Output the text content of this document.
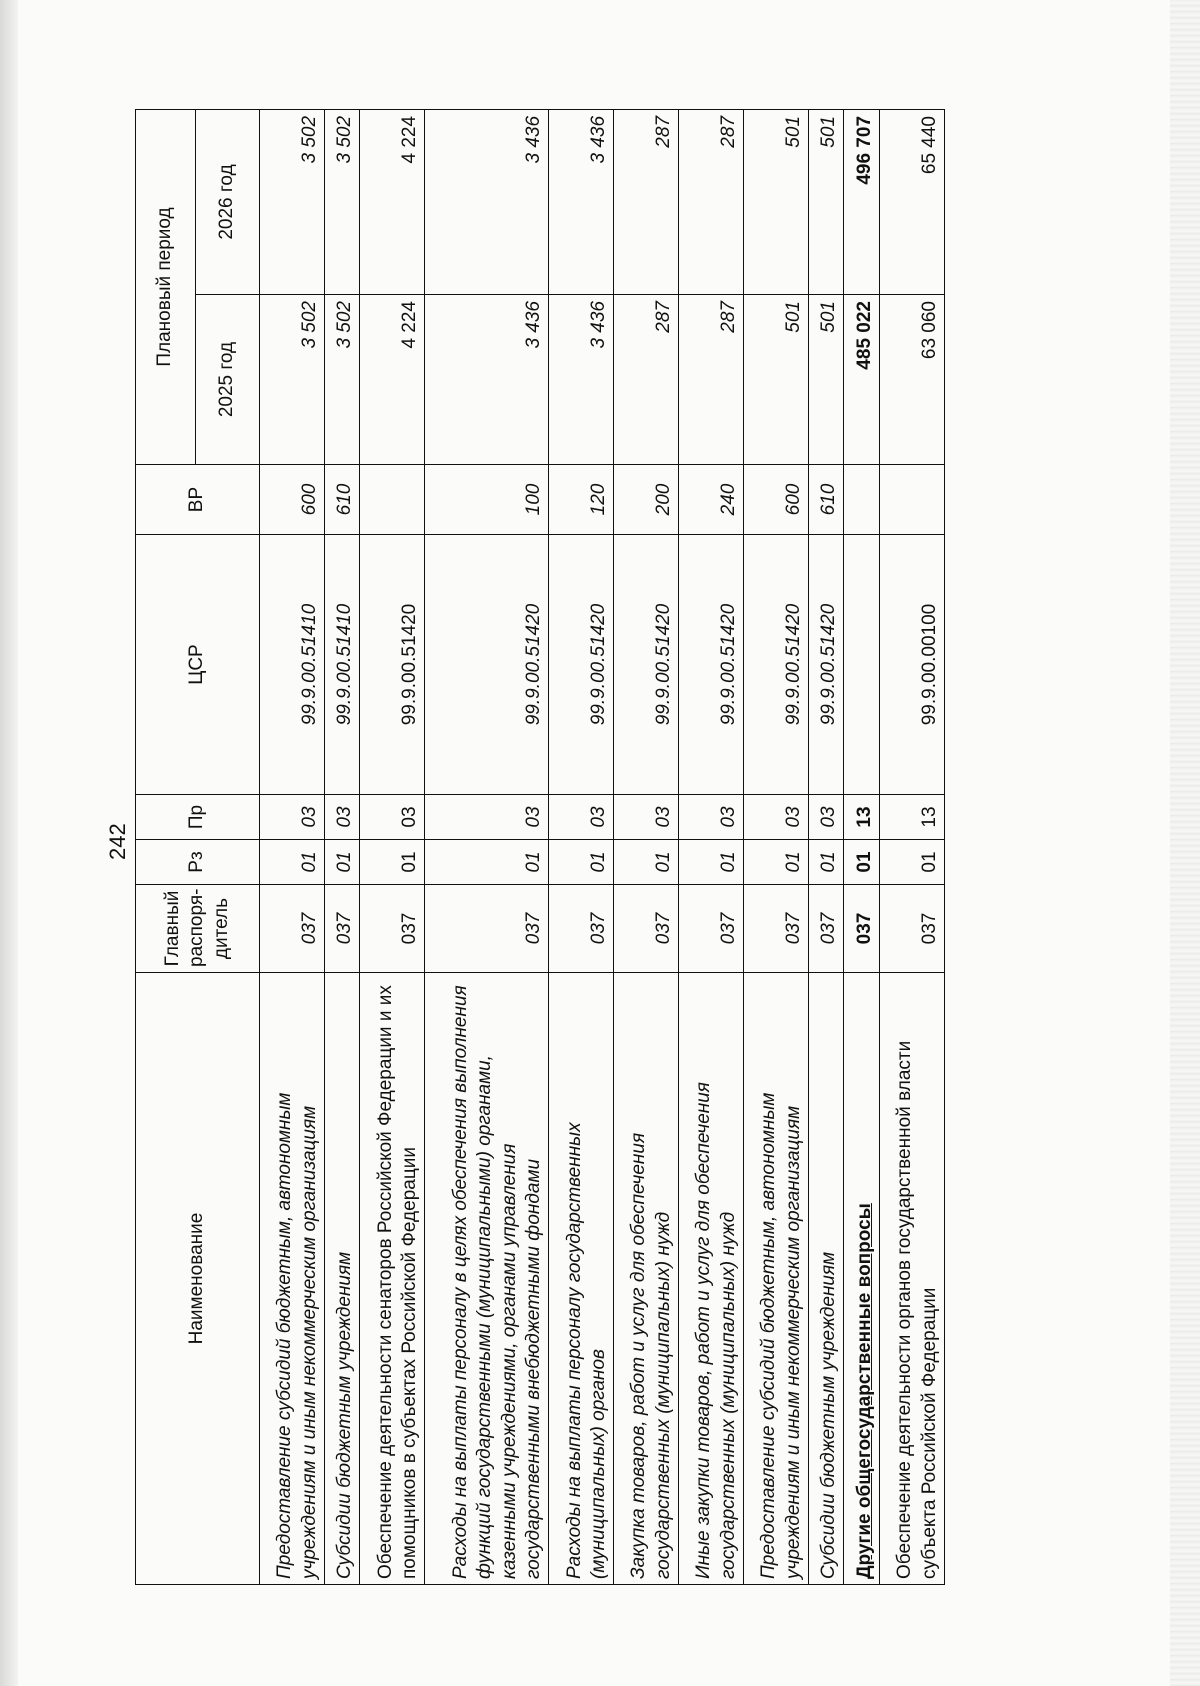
242
Наименование	Главный распоря-дитель	Рз	Пр	ЦСР	ВР	Плановый период	
						2025 год	2026 год
Предоставление субсидий бюджетным, автономным учреждениям и иным некоммерческим организациям	037	01	03	99.9.00.51410	600	3 502	3 502
Субсидии бюджетным учреждениям	037	01	03	99.9.00.51410	610	3 502	3 502
Обеспечение деятельности сенаторов Российской Федерации и их помощников в субъектах Российской Федерации	037	01	03	99.9.00.51420		4 224	4 224
Расходы на выплаты персоналу в целях обеспечения выполнения функций государственными (муниципальными) органами, казенными учреждениями, органами управления государственными внебюджетными фондами	037	01	03	99.9.00.51420	100	3 436	3 436
Расходы на выплаты персоналу государственных (муниципальных) органов	037	01	03	99.9.00.51420	120	3 436	3 436
Закупка товаров, работ и услуг для обеспечения государственных (муниципальных) нужд	037	01	03	99.9.00.51420	200	287	287
Иные закупки товаров, работ и услуг для обеспечения государственных (муниципальных) нужд	037	01	03	99.9.00.51420	240	287	287
Предоставление субсидий бюджетным, автономным учреждениям и иным некоммерческим организациям	037	01	03	99.9.00.51420	600	501	501
Субсидии бюджетным учреждениям	037	01	03	99.9.00.51420	610	501	501
Другие общегосударственные вопросы	037	01	13			485 022	496 707
Обеспечение деятельности органов государственной власти субъекта Российской Федерации	037	01	13	99.9.00.00100		63 060	65 440
